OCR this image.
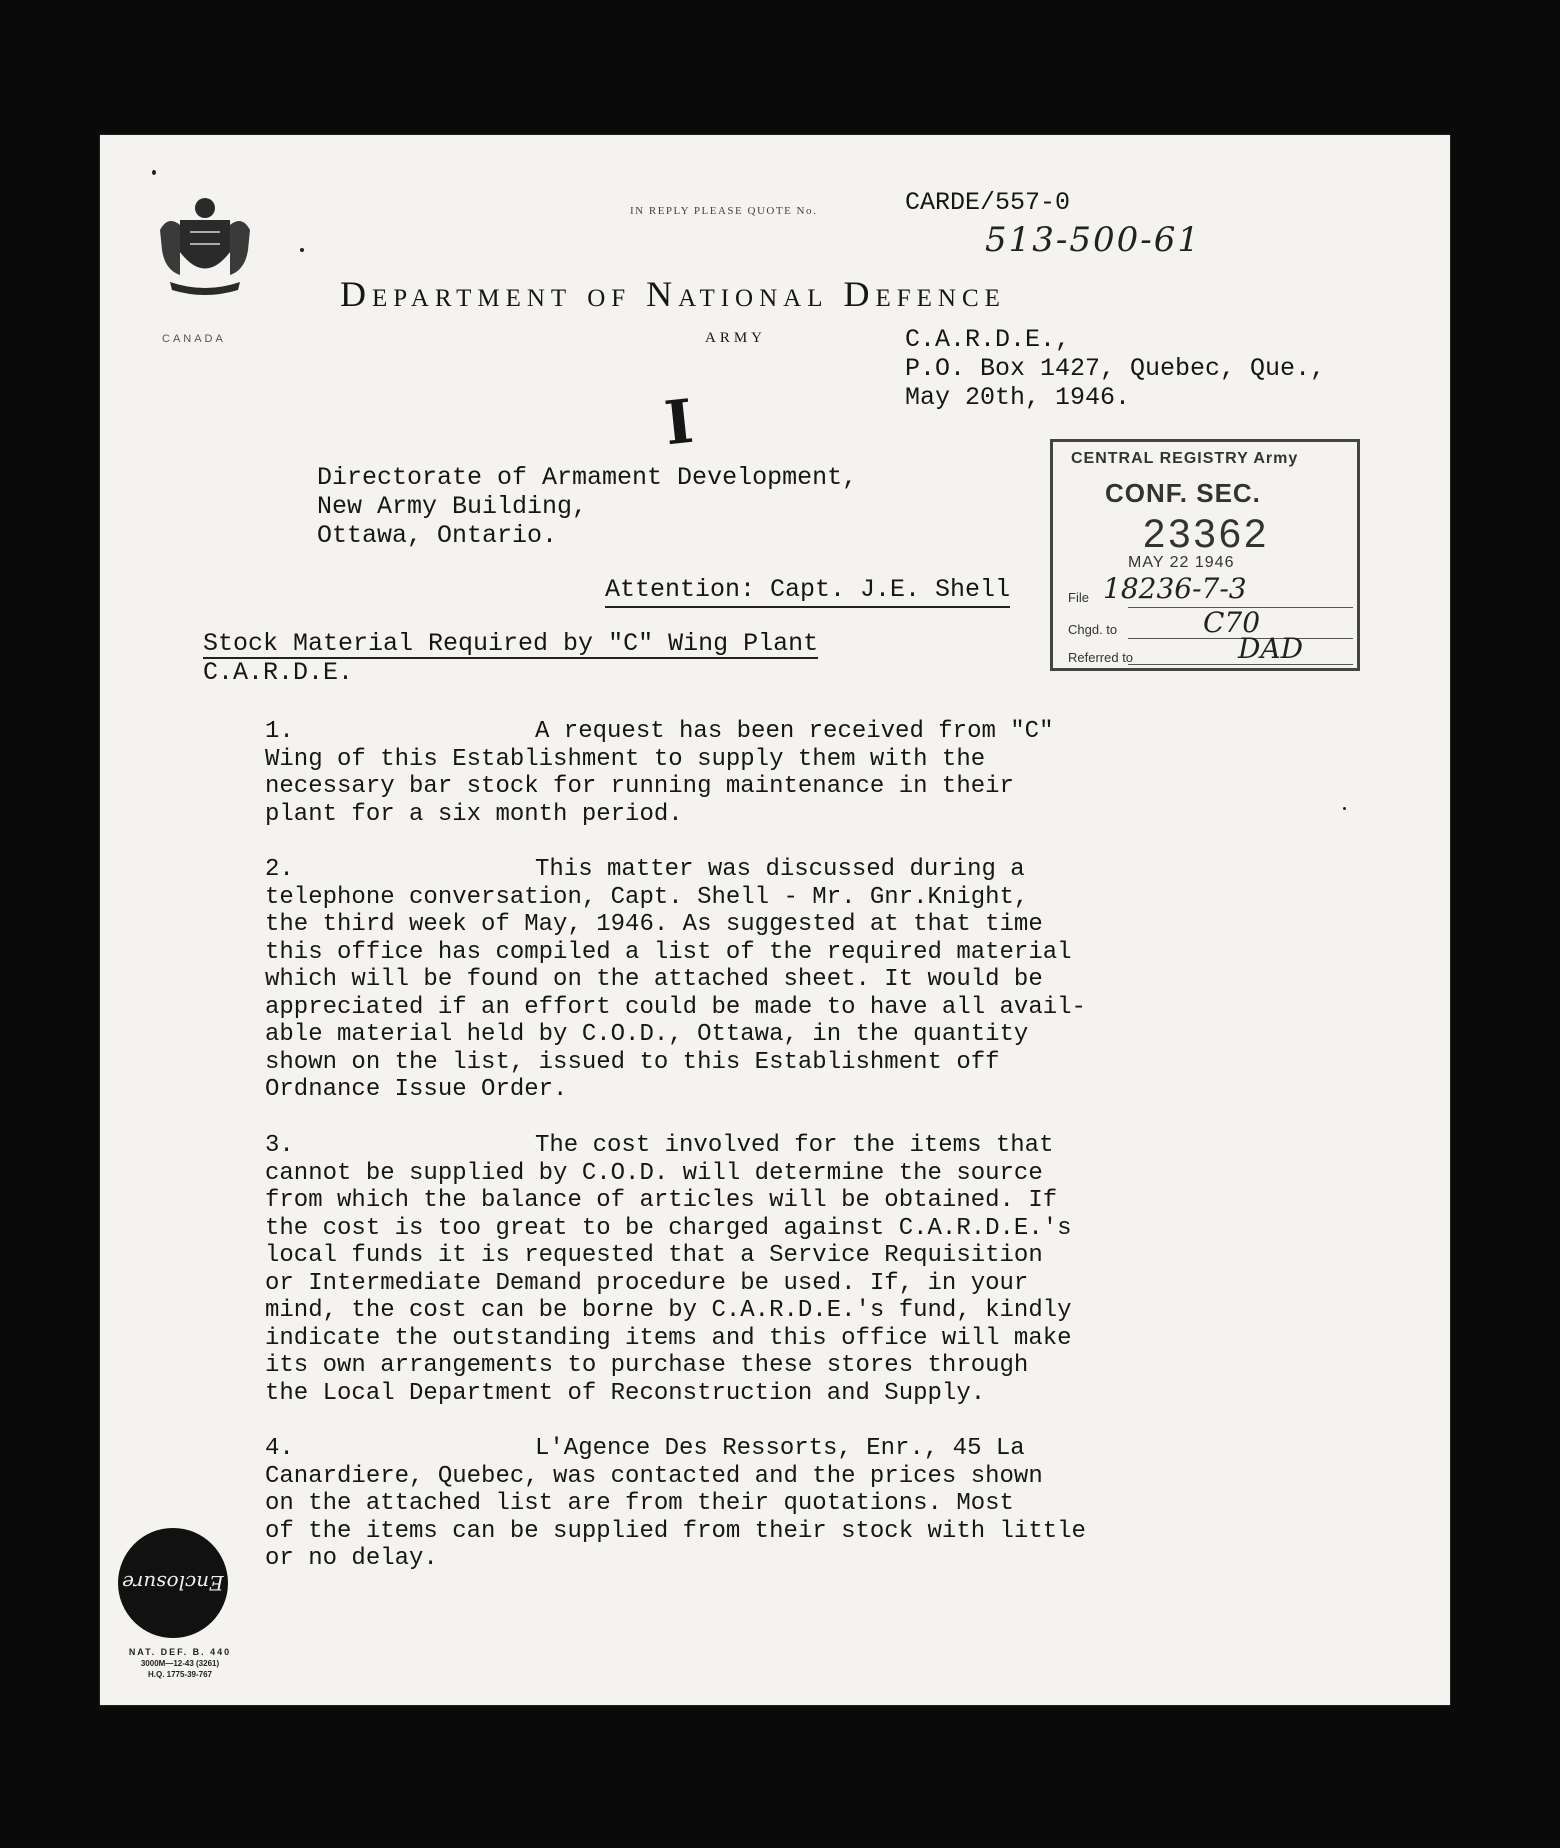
CANADA
IN REPLY PLEASE QUOTE No.	CARDE/557-0
513-500-61
Department of National Defence
ARMY	C.A.R.D.E.,
P.O. Box 1427, Quebec, Que.,
May 20th, 1946.
I
Directorate of Armament Development,
New Army Building,
Ottawa, Ontario.
Attention: Capt. J.E. Shell
Stock Material Required by "C" Wing Plant
C.A.R.D.E.
CENTRAL REGISTRY Army
CONF. SEC.
23362
MAY 22 1946
File 18236-7-3
Chgd. to	C70
Referred to	DAD
1.	A request has been received from "C"
Wing of this Establishment to supply them with the
necessary bar stock for running maintenance in their
plant for a six month period.
2.	This matter was discussed during a
telephone conversation, Capt. Shell - Mr. Gnr.Knight,
the third week of May, 1946. As suggested at that time
this office has compiled a list of the required material
which will be found on the attached sheet. It would be
appreciated if an effort could be made to have all avail-
able material held by C.O.D., Ottawa, in the quantity
shown on the list, issued to this Establishment off
Ordnance Issue Order.
3.	The cost involved for the items that
cannot be supplied by C.O.D. will determine the source
from which the balance of articles will be obtained. If
the cost is too great to be charged against C.A.R.D.E.'s
local funds it is requested that a Service Requisition
or Intermediate Demand procedure be used. If, in your
mind, the cost can be borne by C.A.R.D.E.'s fund, kindly
indicate the outstanding items and this office will make
its own arrangements to purchase these stores through
the Local Department of Reconstruction and Supply.
4.	L'Agence Des Ressorts, Enr., 45 La
Canardiere, Quebec, was contacted and the prices shown
on the attached list are from their quotations. Most
of the items can be supplied from their stock with little
or no delay.
Enclosure
NAT. DEF. B. 440
3000M—12-43 (3261)
H.Q. 1775-39-767
